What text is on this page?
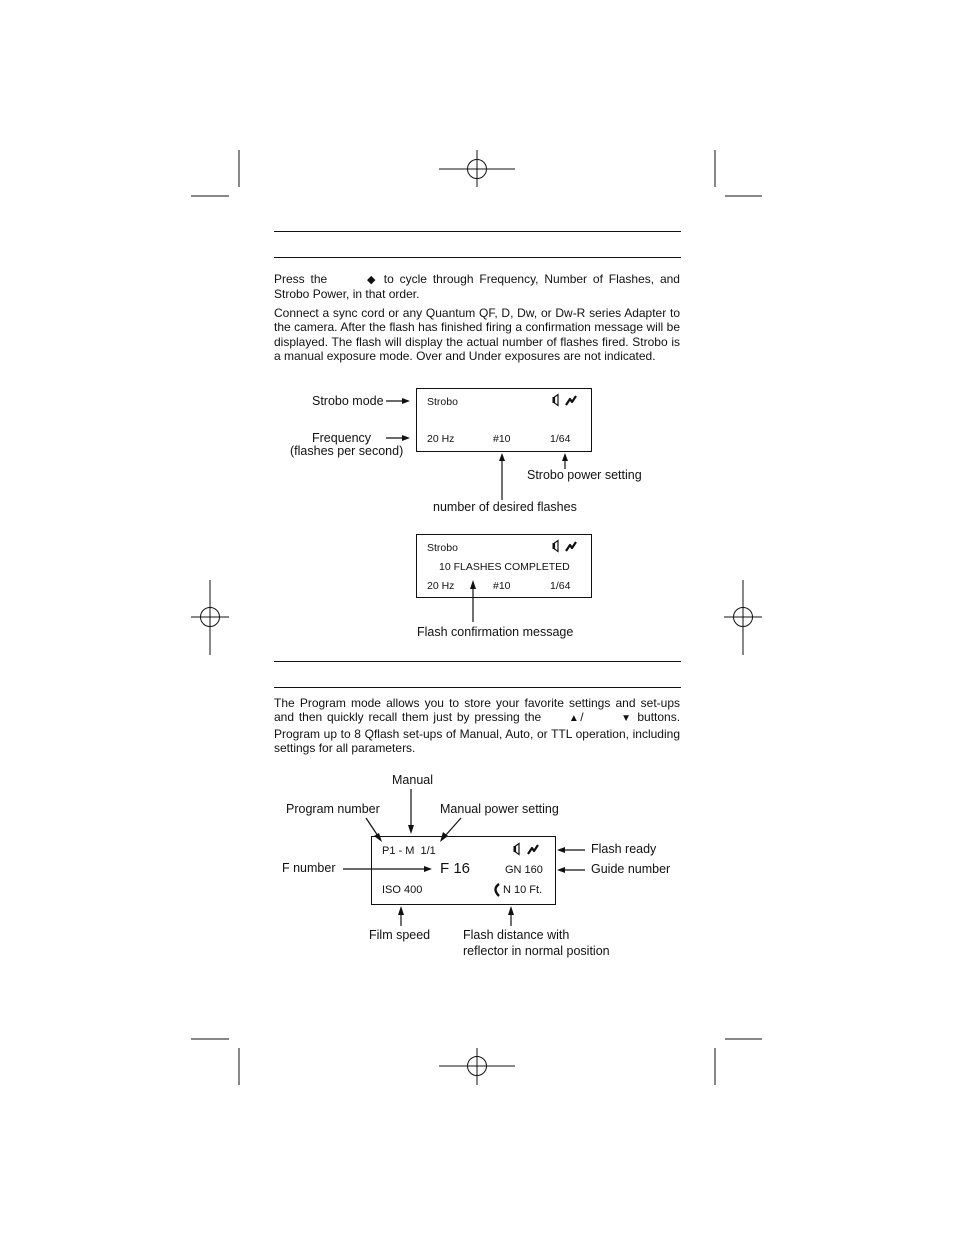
Press the	◆ to cycle through Frequency, Number of Flashes, and Strobo Power, in that order.

Connect a sync cord or any Quantum QF, D, Dw, or Dw-R series Adapter to the camera. After the flash has finished firing a confirmation message will be displayed. The flash will display the actual number of flashes fired. Strobo is a manual exposure mode. Over and Under exposures are not indicated.

Strobo
20 Hz	#10	1/64
Strobo mode
Frequency
(flashes per second)
Strobo power setting
number of desired flashes
Strobo
10 FLASHES COMPLETED
20 Hz	#10	1/64
Flash confirmation message

The Program mode allows you to store your favorite settings and set-ups and then quickly recall them just by pressing the	▲/	▼ buttons. Program up to 8 Qflash set-ups of Manual, Auto, or TTL operation, including settings for all parameters.

P1 - M  1/1
F 16	GN 160
ISO 400	N 10 Ft.
Manual
Program number	Manual power setting
Flash ready
F number	Guide number
Film speed	Flash distance with
reflector in normal position
